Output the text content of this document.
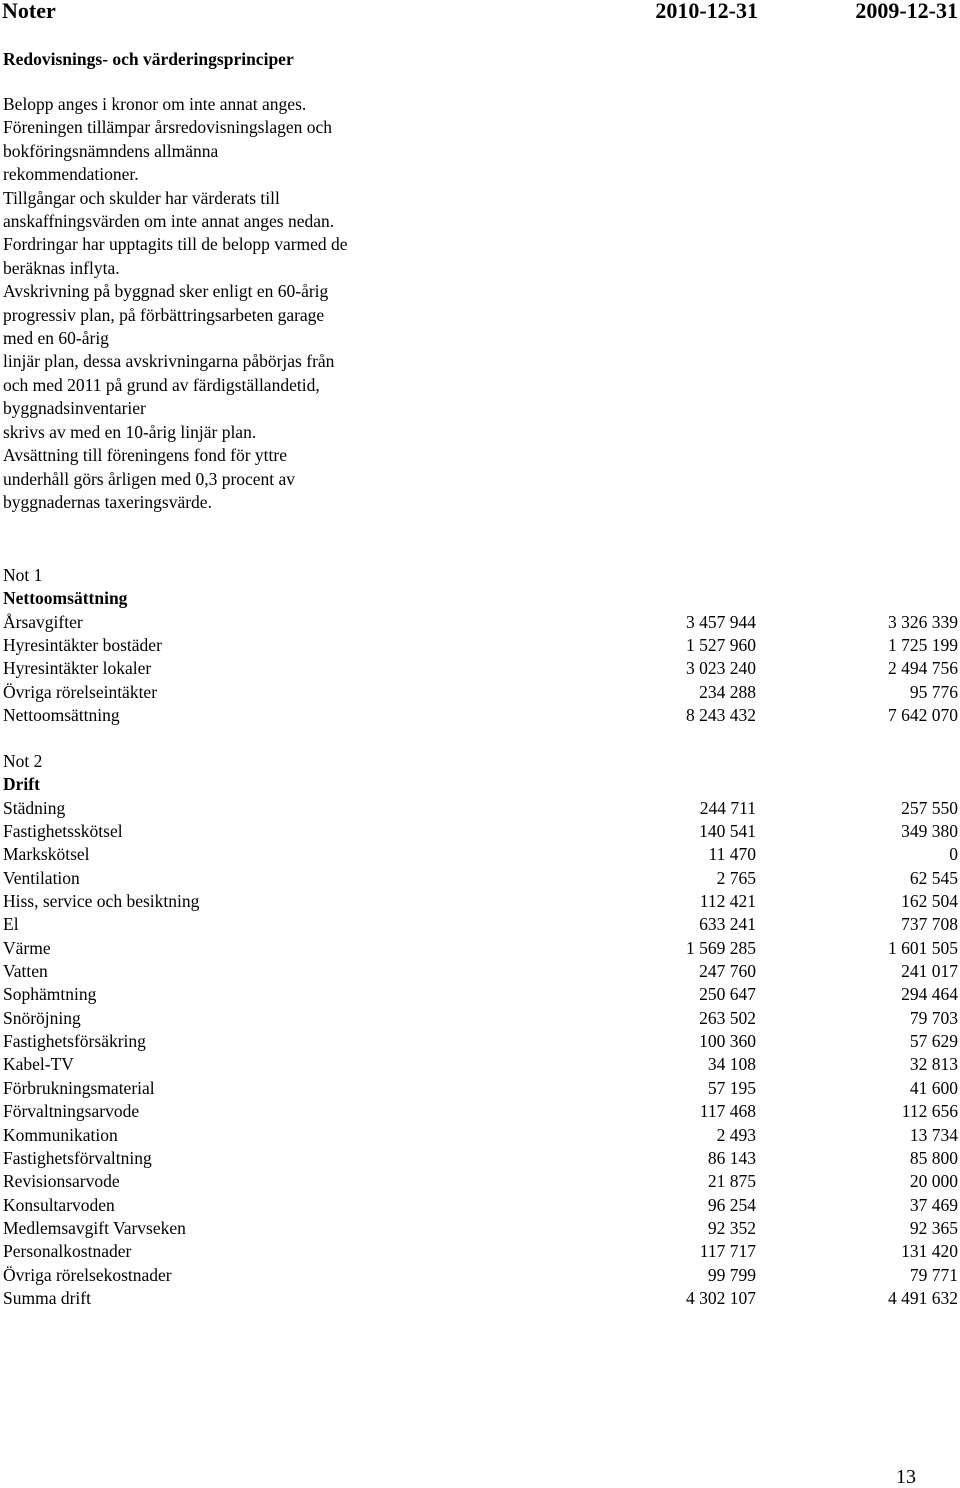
Noter	2010-12-31	2009-12-31
Redovisnings- och värderingsprinciper
Belopp anges i kronor om inte annat anges.
Föreningen tillämpar årsredovisningslagen och
bokföringsnämndens allmänna
rekommendationer.
Tillgångar och skulder har värderats till
anskaffningsvärden om inte annat anges nedan.
Fordringar har upptagits till de belopp varmed de
beräknas inflyta.
Avskrivning på byggnad sker enligt en 60-årig
progressiv plan, på förbättringsarbeten garage
med en 60-årig
linjär plan, dessa avskrivningarna påbörjas från
och med 2011 på grund av färdigställandetid,
byggnadsinventarier
skrivs av med en 10-årig linjär plan.
Avsättning till föreningens fond för yttre
underhåll görs årligen med 0,3 procent av
byggnadernas taxeringsvärde.
Not 1
Nettoomsättning
Årsavgifter	3 457 944	3 326 339
Hyresintäkter bostäder	1 527 960	1 725 199
Hyresintäkter lokaler	3 023 240	2 494 756
Övriga rörelseintäkter	234 288	95 776
Nettoomsättning	8 243 432	7 642 070
Not 2
Drift
Städning	244 711	257 550
Fastighetsskötsel	140 541	349 380
Markskötsel	11 470	0
Ventilation	2 765	62 545
Hiss, service och besiktning	112 421	162 504
El	633 241	737 708
Värme	1 569 285	1 601 505
Vatten	247 760	241 017
Sophämtning	250 647	294 464
Snöröjning	263 502	79 703
Fastighetsförsäkring	100 360	57 629
Kabel-TV	34 108	32 813
Förbrukningsmaterial	57 195	41 600
Förvaltningsarvode	117 468	112 656
Kommunikation	2 493	13 734
Fastighetsförvaltning	86 143	85 800
Revisionsarvode	21 875	20 000
Konsultarvoden	96 254	37 469
Medlemsavgift Varvseken	92 352	92 365
Personalkostnader	117 717	131 420
Övriga rörelsekostnader	99 799	79 771
Summa drift	4 302 107	4 491 632
13
